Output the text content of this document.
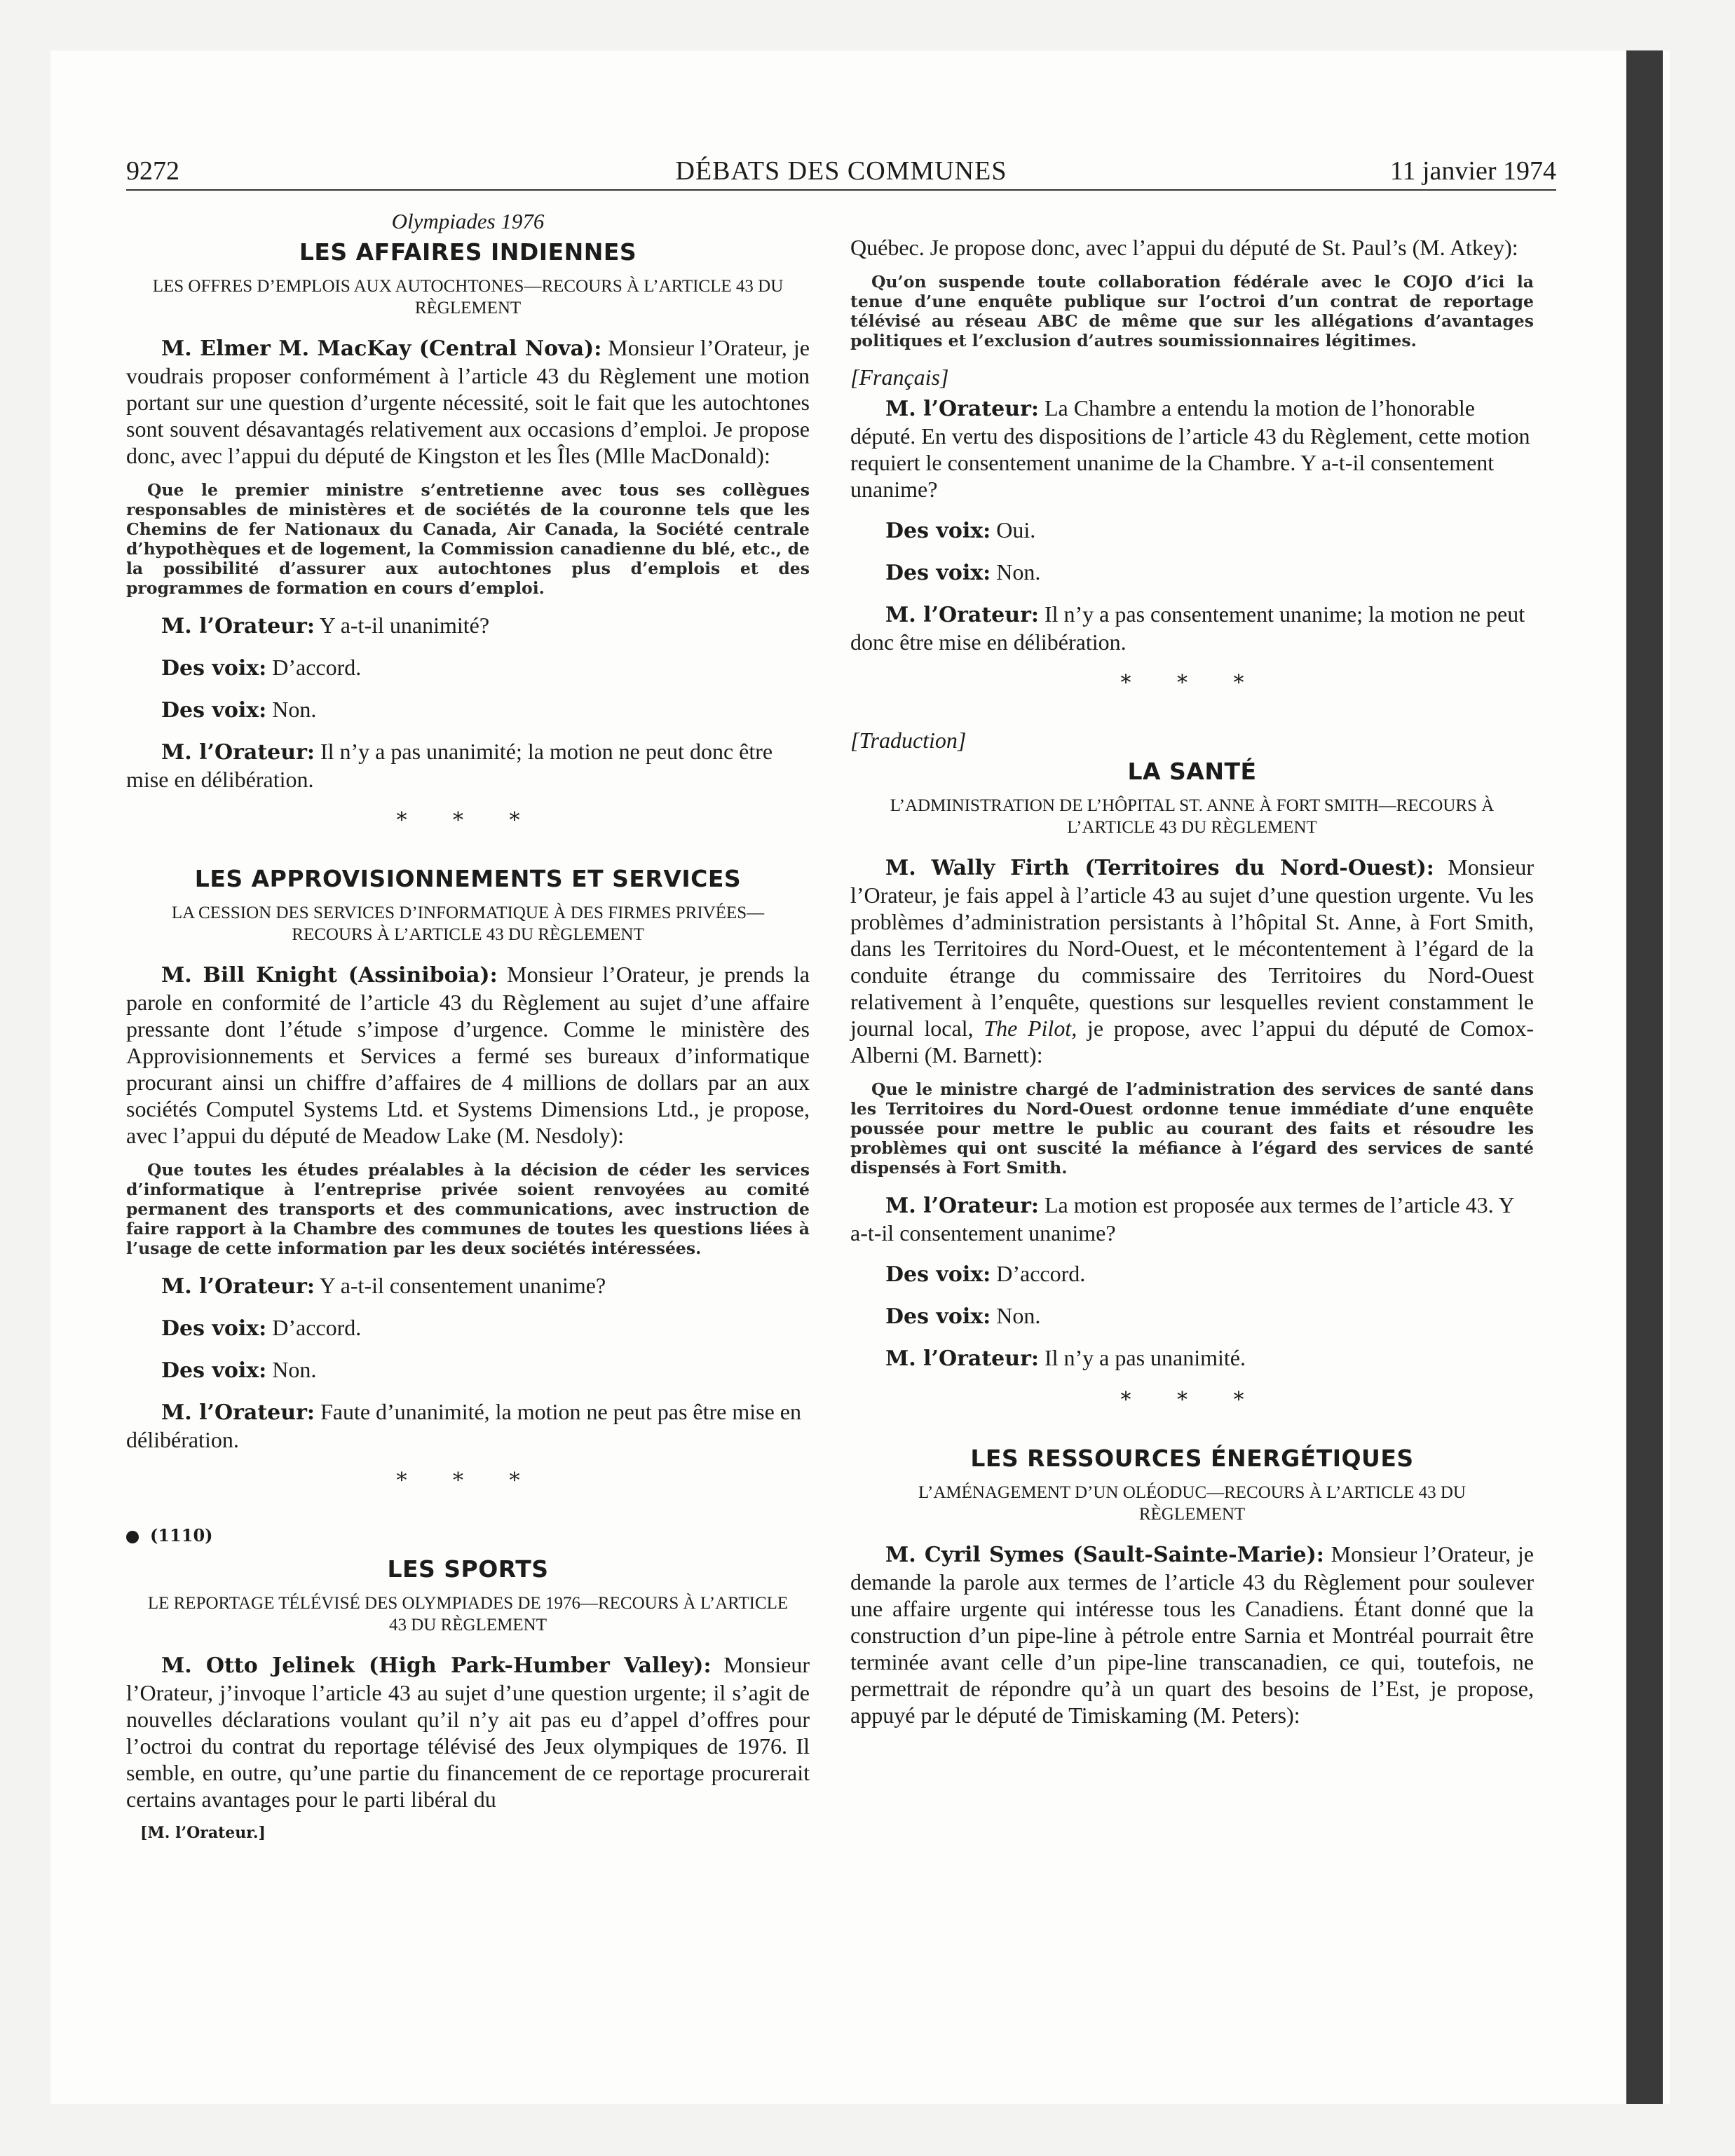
9272	DÉBATS DES COMMUNES	11 janvier 1974
Olympiades 1976
LES AFFAIRES INDIENNES
LES OFFRES D’EMPLOIS AUX AUTOCHTONES—RECOURS À L’ARTICLE 43 DU RÈGLEMENT

M. Elmer M. MacKay (Central Nova): Monsieur l’Orateur, je voudrais proposer conformément à l’article 43 du Règlement une motion portant sur une question d’urgente nécessité, soit le fait que les autochtones sont souvent désavantagés relativement aux occasions d’emploi. Je propose donc, avec l’appui du député de Kingston et les Îles (Mlle MacDonald):

Que le premier ministre s’entretienne avec tous ses collègues responsables de ministères et de sociétés de la couronne tels que les Chemins de fer Nationaux du Canada, Air Canada, la Société centrale d’hypothèques et de logement, la Commission canadienne du blé, etc., de la possibilité d’assurer aux autochtones plus d’emplois et des programmes de formation en cours d’emploi.

M. l’Orateur: Y a-t-il unanimité?

Des voix: D’accord.

Des voix: Non.

M. l’Orateur: Il n’y a pas unanimité; la motion ne peut donc être mise en délibération.

* * *
LES APPROVISIONNEMENTS ET SERVICES
LA CESSION DES SERVICES D’INFORMATIQUE À DES FIRMES PRIVÉES—RECOURS À L’ARTICLE 43 DU RÈGLEMENT

M. Bill Knight (Assiniboia): Monsieur l’Orateur, je prends la parole en conformité de l’article 43 du Règlement au sujet d’une affaire pressante dont l’étude s’impose d’urgence. Comme le ministère des Approvisionnements et Services a fermé ses bureaux d’informatique procurant ainsi un chiffre d’affaires de 4 millions de dollars par an aux sociétés Computel Systems Ltd. et Systems Dimensions Ltd., je propose, avec l’appui du député de Meadow Lake (M. Nesdoly):

Que toutes les études préalables à la décision de céder les services d’informatique à l’entreprise privée soient renvoyées au comité permanent des transports et des communications, avec instruction de faire rapport à la Chambre des communes de toutes les questions liées à l’usage de cette information par les deux sociétés intéressées.

M. l’Orateur: Y a-t-il consentement unanime?

Des voix: D’accord.

Des voix: Non.

M. l’Orateur: Faute d’unanimité, la motion ne peut pas être mise en délibération.

* * *
(1110)
LES SPORTS
LE REPORTAGE TÉLÉVISÉ DES OLYMPIADES DE 1976—RECOURS À L’ARTICLE 43 DU RÈGLEMENT

M. Otto Jelinek (High Park-Humber Valley): Monsieur l’Orateur, j’invoque l’article 43 au sujet d’une question urgente; il s’agit de nouvelles déclarations voulant qu’il n’y ait pas eu d’appel d’offres pour l’octroi du contrat du reportage télévisé des Jeux olympiques de 1976. Il semble, en outre, qu’une partie du financement de ce reportage procurerait certains avantages pour le parti libéral du

[M. l’Orateur.]

Québec. Je propose donc, avec l’appui du député de St. Paul’s (M. Atkey):

Qu’on suspende toute collaboration fédérale avec le COJO d’ici la tenue d’une enquête publique sur l’octroi d’un contrat de reportage télévisé au réseau ABC de même que sur les allégations d’avantages politiques et l’exclusion d’autres soumissionnaires légitimes.

[Français]

M. l’Orateur: La Chambre a entendu la motion de l’honorable député. En vertu des dispositions de l’article 43 du Règlement, cette motion requiert le consentement unanime de la Chambre. Y a-t-il consentement unanime?

Des voix: Oui.

Des voix: Non.

M. l’Orateur: Il n’y a pas consentement unanime; la motion ne peut donc être mise en délibération.

* * *
[Traduction]
LA SANTÉ
L’ADMINISTRATION DE L’HÔPITAL ST. ANNE À FORT SMITH—RECOURS À L’ARTICLE 43 DU RÈGLEMENT

M. Wally Firth (Territoires du Nord-Ouest): Monsieur l’Orateur, je fais appel à l’article 43 au sujet d’une question urgente. Vu les problèmes d’administration persistants à l’hôpital St. Anne, à Fort Smith, dans les Territoires du Nord-Ouest, et le mécontentement à l’égard de la conduite étrange du commissaire des Territoires du Nord-Ouest relativement à l’enquête, questions sur lesquelles revient constamment le journal local, The Pilot, je propose, avec l’appui du député de Comox-Alberni (M. Barnett):

Que le ministre chargé de l’administration des services de santé dans les Territoires du Nord-Ouest ordonne tenue immédiate d’une enquête poussée pour mettre le public au courant des faits et résoudre les problèmes qui ont suscité la méfiance à l’égard des services de santé dispensés à Fort Smith.

M. l’Orateur: La motion est proposée aux termes de l’article 43. Y a-t-il consentement unanime?

Des voix: D’accord.

Des voix: Non.

M. l’Orateur: Il n’y a pas unanimité.

* * *
LES RESSOURCES ÉNERGÉTIQUES
L’AMÉNAGEMENT D’UN OLÉODUC—RECOURS À L’ARTICLE 43 DU RÈGLEMENT

M. Cyril Symes (Sault-Sainte-Marie): Monsieur l’Orateur, je demande la parole aux termes de l’article 43 du Règlement pour soulever une affaire urgente qui intéresse tous les Canadiens. Étant donné que la construction d’un pipe-line à pétrole entre Sarnia et Montréal pourrait être terminée avant celle d’un pipe-line transcanadien, ce qui, toutefois, ne permettrait de répondre qu’à un quart des besoins de l’Est, je propose, appuyé par le député de Timiskaming (M. Peters):
